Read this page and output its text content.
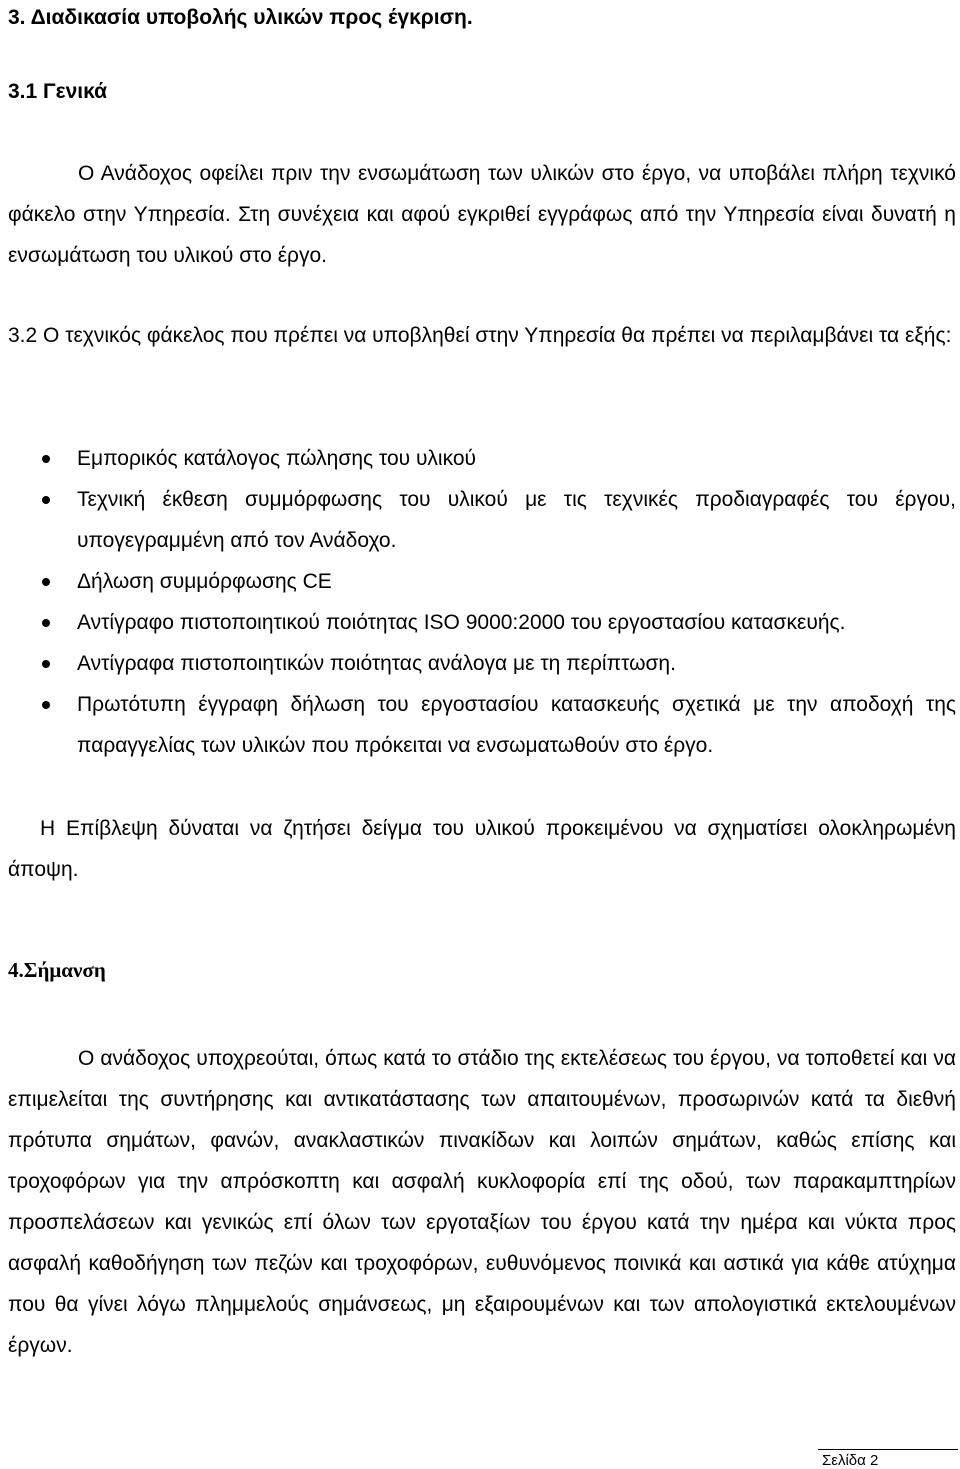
3. Διαδικασία υποβολής υλικών προς έγκριση.
3.1 Γενικά

Ο Ανάδοχος οφείλει πριν την ενσωμάτωση των υλικών στο έργο, να υποβάλει πλήρη τεχνικό φάκελο στην Υπηρεσία. Στη συνέχεια και αφού εγκριθεί εγγράφως από την Υπηρεσία είναι δυνατή η ενσωμάτωση του υλικού στο έργο.

3.2 Ο τεχνικός φάκελος που πρέπει να υποβληθεί στην Υπηρεσία θα πρέπει να περιλαμβάνει τα εξής:

Εμπορικός κατάλογος πώλησης του υλικού
Τεχνική έκθεση συμμόρφωσης του υλικού με τις τεχνικές προδιαγραφές του έργου, υπογεγραμμένη από τον Ανάδοχο.
Δήλωση συμμόρφωσης CE
Αντίγραφο πιστοποιητικού ποιότητας ISO 9000:2000 του εργοστασίου κατασκευής.
Αντίγραφα πιστοποιητικών ποιότητας ανάλογα με τη περίπτωση.
Πρωτότυπη έγγραφη δήλωση του εργοστασίου κατασκευής σχετικά με την αποδοχή της παραγγελίας των υλικών που πρόκειται να ενσωματωθούν στο έργο.

Η Επίβλεψη δύναται να ζητήσει δείγμα του υλικού προκειμένου να σχηματίσει ολοκληρωμένη άποψη.

4.Σήμανση

Ο ανάδοχος υποχρεούται, όπως κατά το στάδιο της εκτελέσεως του έργου, να τοποθετεί και να επιμελείται της συντήρησης και αντικατάστασης των απαιτουμένων, προσωρινών κατά τα διεθνή πρότυπα σημάτων, φανών, ανακλαστικών πινακίδων και λοιπών σημάτων, καθώς επίσης και τροχοφόρων για την απρόσκοπτη και ασφαλή κυκλοφορία επί της οδού, των παρακαμπτηρίων προσπελάσεων και γενικώς επί όλων των εργοταξίων του έργου κατά την ημέρα και νύκτα προς ασφαλή καθοδήγηση των πεζών και τροχοφόρων, ευθυνόμενος ποινικά και αστικά για κάθε ατύχημα που θα γίνει λόγω πλημμελούς σημάνσεως, μη εξαιρουμένων και των απολογιστικά εκτελουμένων έργων.

Σελίδα 2
